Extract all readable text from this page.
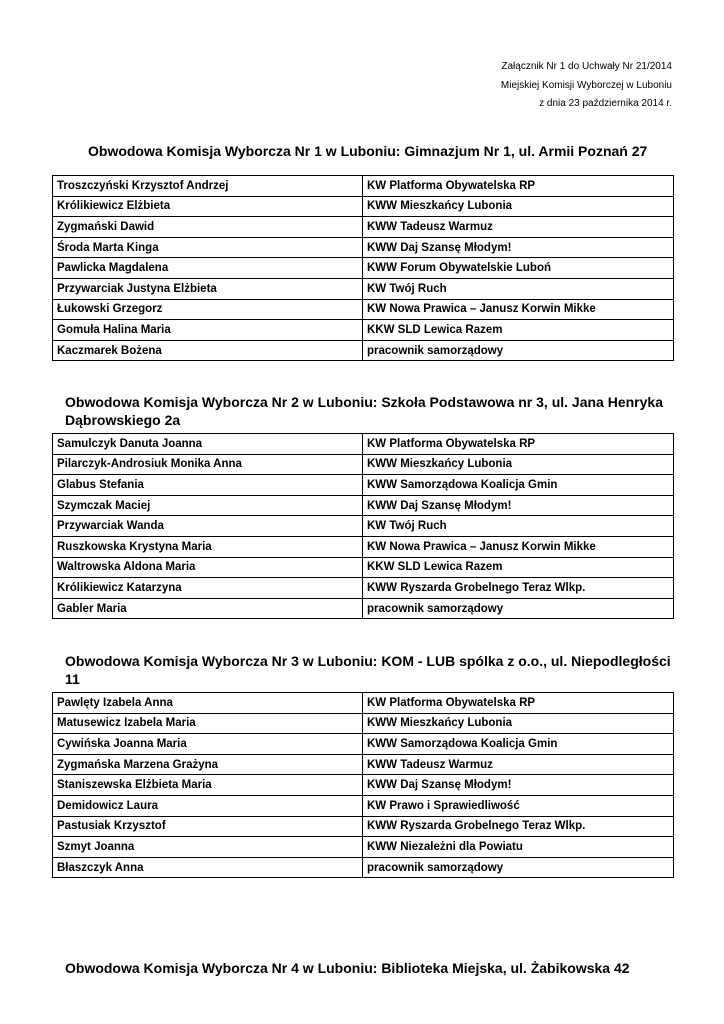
Załącznik Nr 1 do Uchwały Nr 21/2014
Miejskiej Komisji Wyborczej w Luboniu
z dnia 23 października 2014 r.
Obwodowa Komisja Wyborcza Nr 1 w Luboniu: Gimnazjum Nr 1, ul. Armii Poznań 27
Troszczyński Krzysztof Andrzej	KW Platforma Obywatelska RP
Królikiewicz Elżbieta	KWW Mieszkańcy Lubonia
Zygmański Dawid	KWW Tadeusz Warmuz
Środa Marta Kinga	KWW Daj Szansę Młodym!
Pawlicka Magdalena	KWW Forum Obywatelskie Luboń
Przywarciak Justyna Elżbieta	KW Twój Ruch
Łukowski Grzegorz	KW Nowa Prawica – Janusz Korwin Mikke
Gomuła Halina Maria	KKW SLD Lewica Razem
Kaczmarek Bożena	pracownik samorządowy
Obwodowa Komisja Wyborcza Nr 2 w Luboniu: Szkoła Podstawowa nr 3, ul. Jana Henryka Dąbrowskiego 2a
Samulczyk Danuta Joanna	KW Platforma Obywatelska RP
Pilarczyk-Androsiuk Monika Anna	KWW Mieszkańcy Lubonia
Glabus Stefania	KWW Samorządowa Koalicja Gmin
Szymczak Maciej	KWW Daj Szansę Młodym!
Przywarciak Wanda	KW Twój Ruch
Ruszkowska Krystyna Maria	KW Nowa Prawica – Janusz Korwin Mikke
Waltrowska Aldona Maria	KKW SLD Lewica Razem
Królikiewicz Katarzyna	KWW Ryszarda Grobelnego Teraz Wlkp.
Gabler Maria	pracownik samorządowy
Obwodowa Komisja Wyborcza Nr 3 w Luboniu: KOM - LUB spólka z o.o., ul. Niepodległości 11
Pawlęty Izabela Anna	KW Platforma Obywatelska RP
Matusewicz Izabela Maria	KWW Mieszkańcy Lubonia
Cywińska Joanna Maria	KWW Samorządowa Koalicja Gmin
Zygmańska Marzena Grażyna	KWW Tadeusz Warmuz
Staniszewska Elżbieta Maria	KWW Daj Szansę Młodym!
Demidowicz Laura	KW Prawo i Sprawiedliwość
Pastusiak Krzysztof	KWW Ryszarda Grobelnego Teraz Wlkp.
Szmyt Joanna	KWW Niezależni dla Powiatu
Błaszczyk Anna	pracownik samorządowy
Obwodowa Komisja Wyborcza Nr 4 w Luboniu: Biblioteka Miejska, ul. Żabikowska 42
